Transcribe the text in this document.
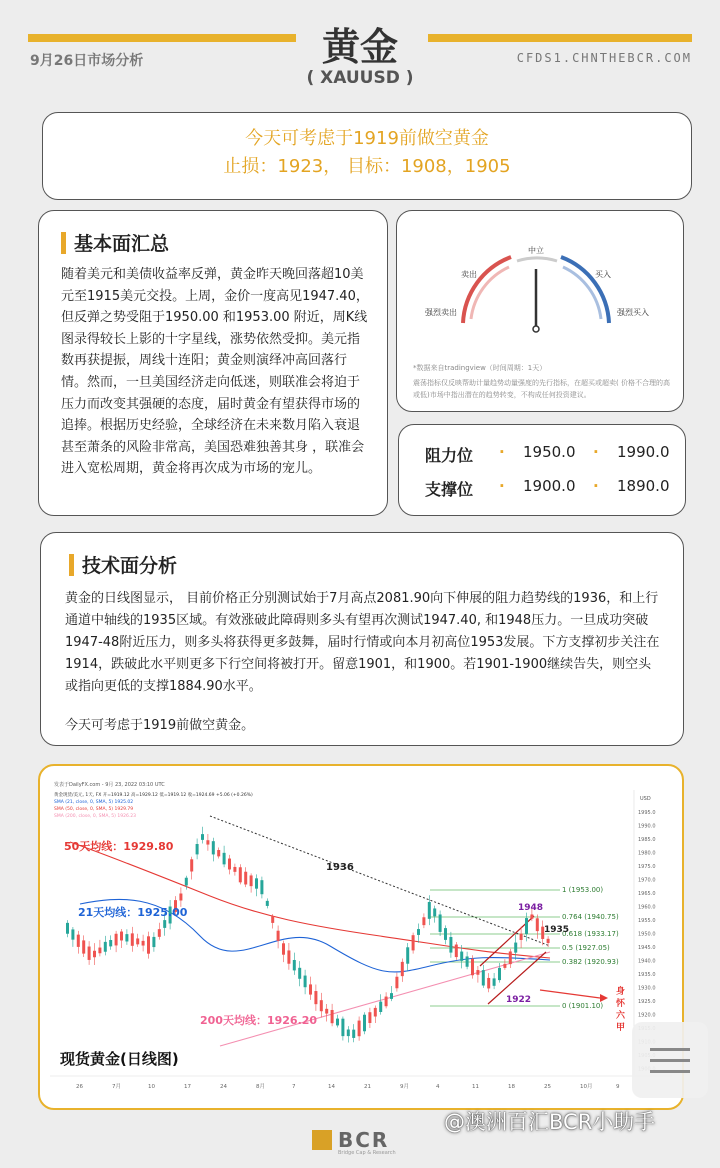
9月26日市场分析	CFDS1.CHNTHEBCR.COM
黄金
( XAUUSD )
今天可考虑于1919前做空黄金
止损：1923， 目标：1908，1905
基本面汇总
随着美元和美债收益率反弹，黄金昨天晚回落超10美元至1915美元交投。上周，金价一度高见1947.40，但反弹之势受阻于1950.00 和1953.00 附近，周K线图录得较长上影的十字星线，涨势依然受抑。美元指数再获提振，周线十连阳；黄金则演绎冲高回落行情。然而，一旦美国经济走向低迷，则联准会将迫于压力而改变其强硬的态度，届时黄金有望获得市场的追捧。根据历史经验，全球经济在未来数月陷入衰退甚至萧条的风险非常高，美国恐难独善其身 ，联准会进入宽松周期，黄金将再次成为市场的宠儿。
中立
卖出	买入
强烈卖出	强烈买入
*数据来自tradingview（时间周期：1天）
震荡指标仅反映帮助计量趋势动量强度的先行指标，在超买或超卖( 价格不合理的高或低)市场中指出潜在的趋势转变，不构成任何投资建议。
阻力位 · 1950.0 · 1990.0
支撑位 · 1900.0 · 1890.0
技术面分析
黄金的日线图显示， 目前价格正分别测试始于7月高点2081.90向下伸展的阻力趋势线的1936，和上行通道中轴线的1935区域。有效涨破此障碍则多头有望再次测试1947.40, 和1948压力。一旦成功突破1947-48附近压力，则多头将获得更多鼓舞，届时行情或向本月初高位1953发展。下方支撑初步关注在1914，跌破此水平则更多下行空间将被打开。留意1901，和1900。若1901-1900继续告失，则空头或指向更低的支撑1884.90水平。
今天可考虑于1919前做空黄金。
发表于DailyFX.com - 9月 23, 2022 03:10 UTC
黄金现货/美元, 1天, FX 开=1919.12 高=1929.12 低=1919.12 收=1924.69 +5.06 (+0.26%)
SMA (21, close, 0, SMA, 5) 1925.02
SMA (50, close, 0, SMA, 5) 1929.79
SMA (200, close, 0, SMA, 5) 1926.23
USD
1995.0
1990.0
1985.0
1980.0
1975.0
1970.0
1965.0
1960.0
1955.0
1950.0
1945.0
1940.0
1935.0
1930.0
1925.0
1920.0
26	7月	10	17	24	8月	7	14	21	9月	4	11	18	25	10月	9
1 (1953.00)
0.764 (1940.75)
0.618 (1933.17)
0.5 (1927.05)
0.382 (1920.93)
0 (1901.10)
50天均线：1929.80
21天均线：1925.00
200天均线：1926.20
1936
1948
1935
1922
身
怀
六
甲
现货黄金(日线图)
BCR
Bridge Cap & Research
@澳洲百汇BCR小助手
